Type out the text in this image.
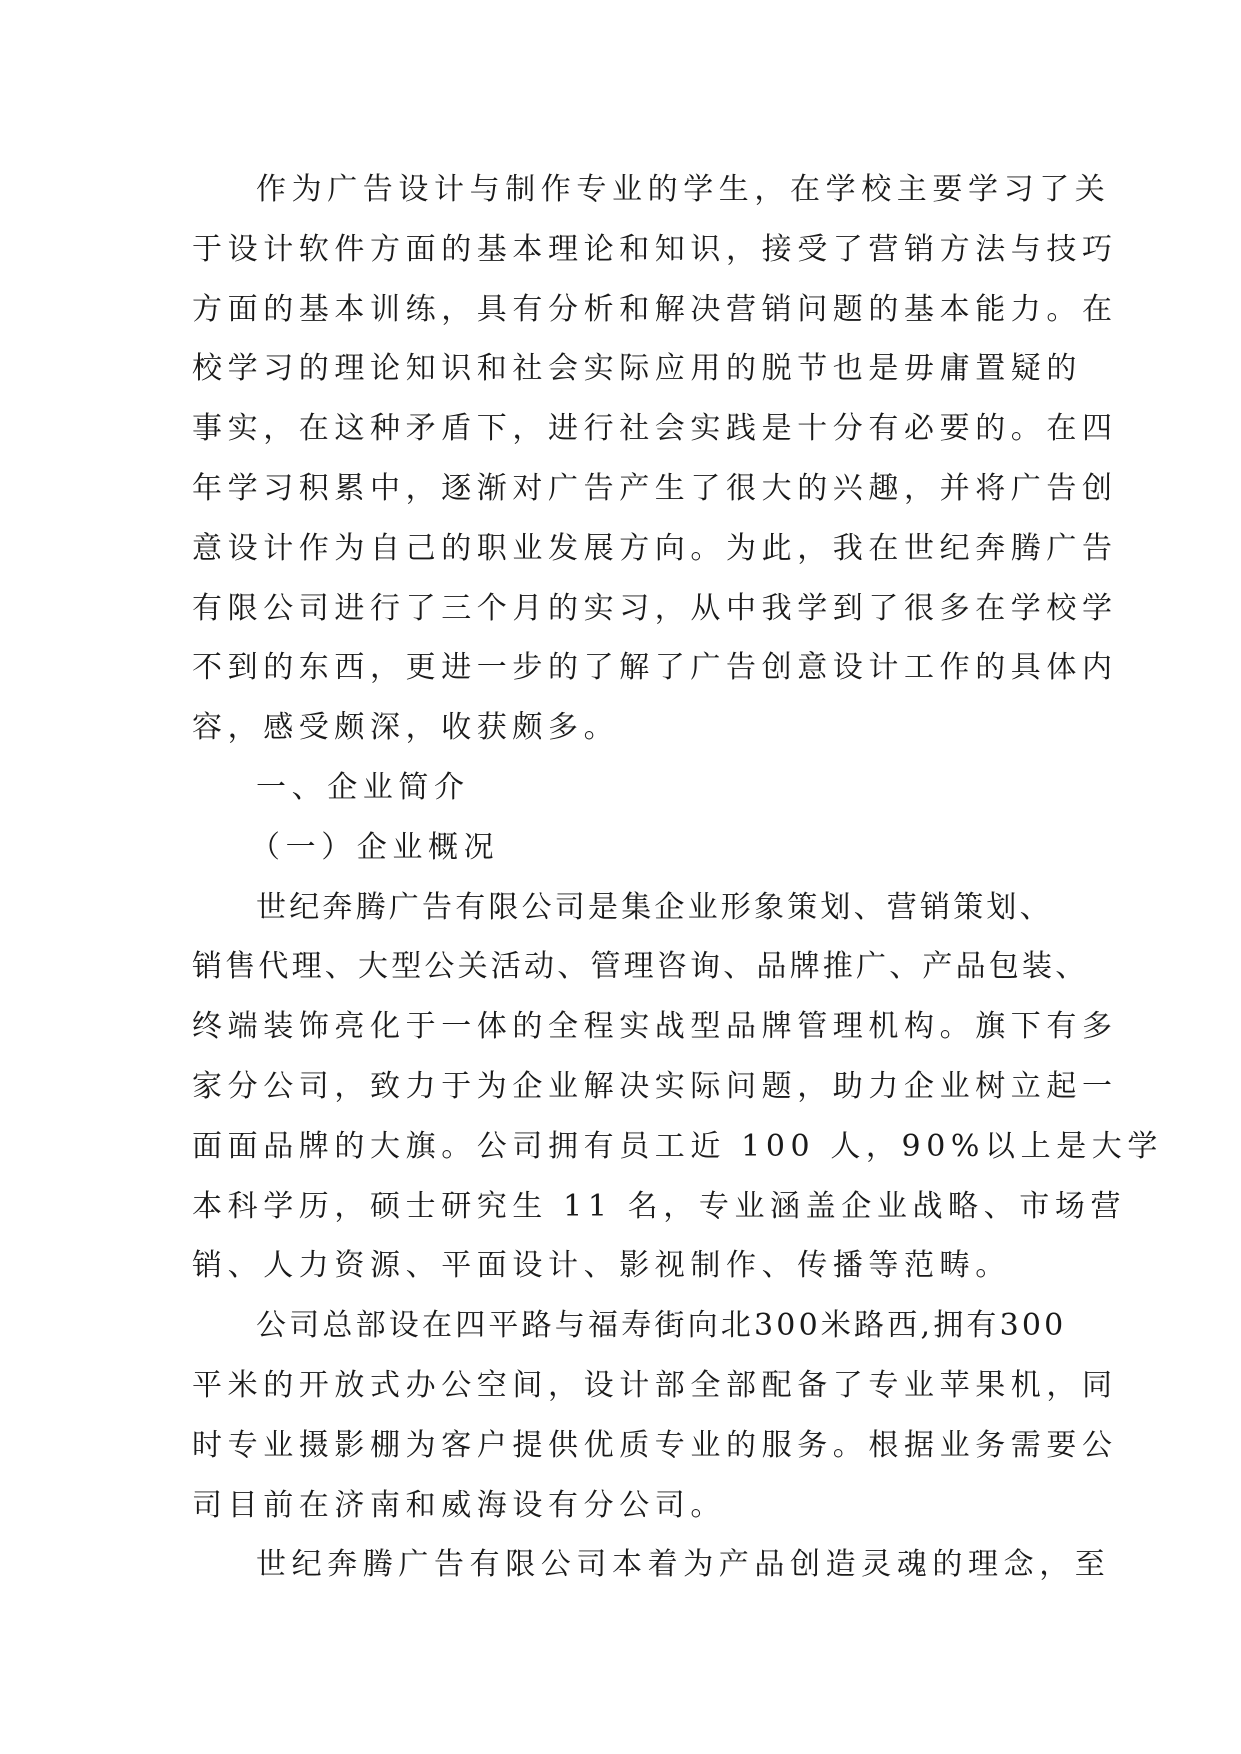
作为广告设计与制作专业的学生，在学校主要学习了关
于设计软件方面的基本理论和知识，接受了营销方法与技巧
方面的基本训练，具有分析和解决营销问题的基本能力。在
校学习的理论知识和社会实际应用的脱节也是毋庸置疑的
事实，在这种矛盾下，进行社会实践是十分有必要的。在四
年学习积累中，逐渐对广告产生了很大的兴趣，并将广告创
意设计作为自己的职业发展方向。为此，我在世纪奔腾广告
有限公司进行了三个月的实习，从中我学到了很多在学校学
不到的东西，更进一步的了解了广告创意设计工作的具体内
容，感受颇深，收获颇多。
一、企业简介
（一）企业概况
世纪奔腾广告有限公司是集企业形象策划、营销策划、
销售代理、大型公关活动、管理咨询、品牌推广、产品包装、
终端装饰亮化于一体的全程实战型品牌管理机构。旗下有多
家分公司，致力于为企业解决实际问题，助力企业树立起一
面面品牌的大旗。公司拥有员工近 100 人，90%以上是大学
本科学历，硕士研究生 11 名，专业涵盖企业战略、市场营
销、人力资源、平面设计、影视制作、传播等范畴。
公司总部设在四平路与福寿街向北300米路西,拥有300
平米的开放式办公空间，设计部全部配备了专业苹果机，同
时专业摄影棚为客户提供优质专业的服务。根据业务需要公
司目前在济南和威海设有分公司。
世纪奔腾广告有限公司本着为产品创造灵魂的理念，至
